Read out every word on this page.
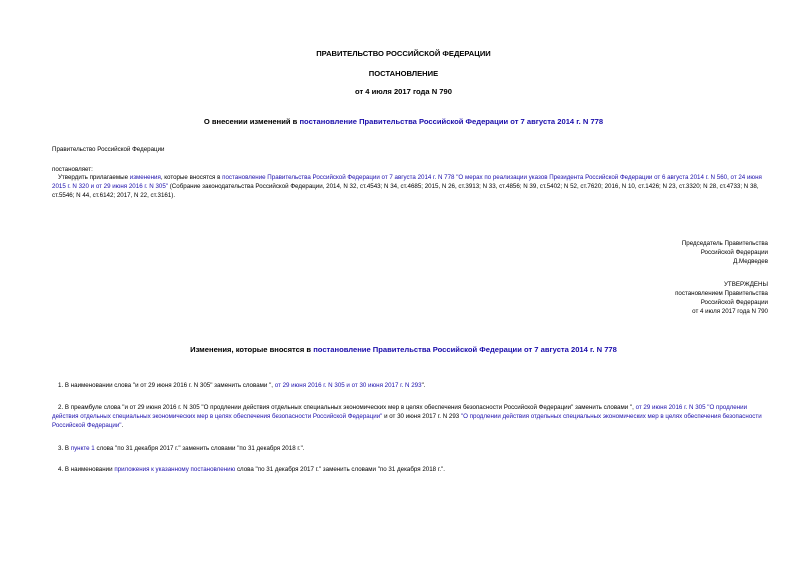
ПРАВИТЕЛЬСТВО РОССИЙСКОЙ ФЕДЕРАЦИИ
ПОСТАНОВЛЕНИЕ
от 4 июля 2017 года N 790
О внесении изменений в постановление Правительства Российской Федерации от 7 августа 2014 г. N 778
Правительство Российской Федерации
постановляет:
Утвердить прилагаемые изменения, которые вносятся в постановление Правительства Российской Федерации от 7 августа 2014 г. N 778 "О мерах по реализации указов Президента Российской Федерации от 6 августа 2014 г. N 560, от 24 июня 2015 г. N 320 и от 29 июня 2016 г. N 305" (Собрание законодательства Российской Федерации, 2014, N 32, ст.4543; N 34, ст.4685; 2015, N 26, ст.3913; N 33, ст.4856; N 39, ст.5402; N 52, ст.7620; 2016, N 10, ст.1426; N 23, ст.3320; N 28, ст.4733; N 38, ст.5546; N 44, ст.6142; 2017, N 22, ст.3161).
Председатель Правительства
Российской Федерации
Д.Медведев
УТВЕРЖДЕНЫ
постановлением Правительства
Российской Федерации
от 4 июля 2017 года N 790
Изменения, которые вносятся в постановление Правительства Российской Федерации от 7 августа 2014 г. N 778
1. В наименовании слова "и от 29 июня 2016 г. N 305" заменить словами ", от 29 июня 2016 г. N 305 и от 30 июня 2017 г. N 293".
2. В преамбуле слова "и от 29 июня 2016 г. N 305 "О продлении действия отдельных специальных экономических мер в целях обеспечения безопасности Российской Федерации" заменить словами ", от 29 июня 2016 г. N 305 "О продлении действия отдельных специальных экономических мер в целях обеспечения безопасности Российской Федерации" и от 30 июня 2017 г. N 293 "О продлении действия отдельных специальных экономических мер в целях обеспечения безопасности Российской Федерации".
3. В пункте 1 слова "по 31 декабря 2017 г." заменить словами "по 31 декабря 2018 г.".
4. В наименовании приложения к указанному постановлению слова "по 31 декабря 2017 г." заменить словами "по 31 декабря 2018 г.".
